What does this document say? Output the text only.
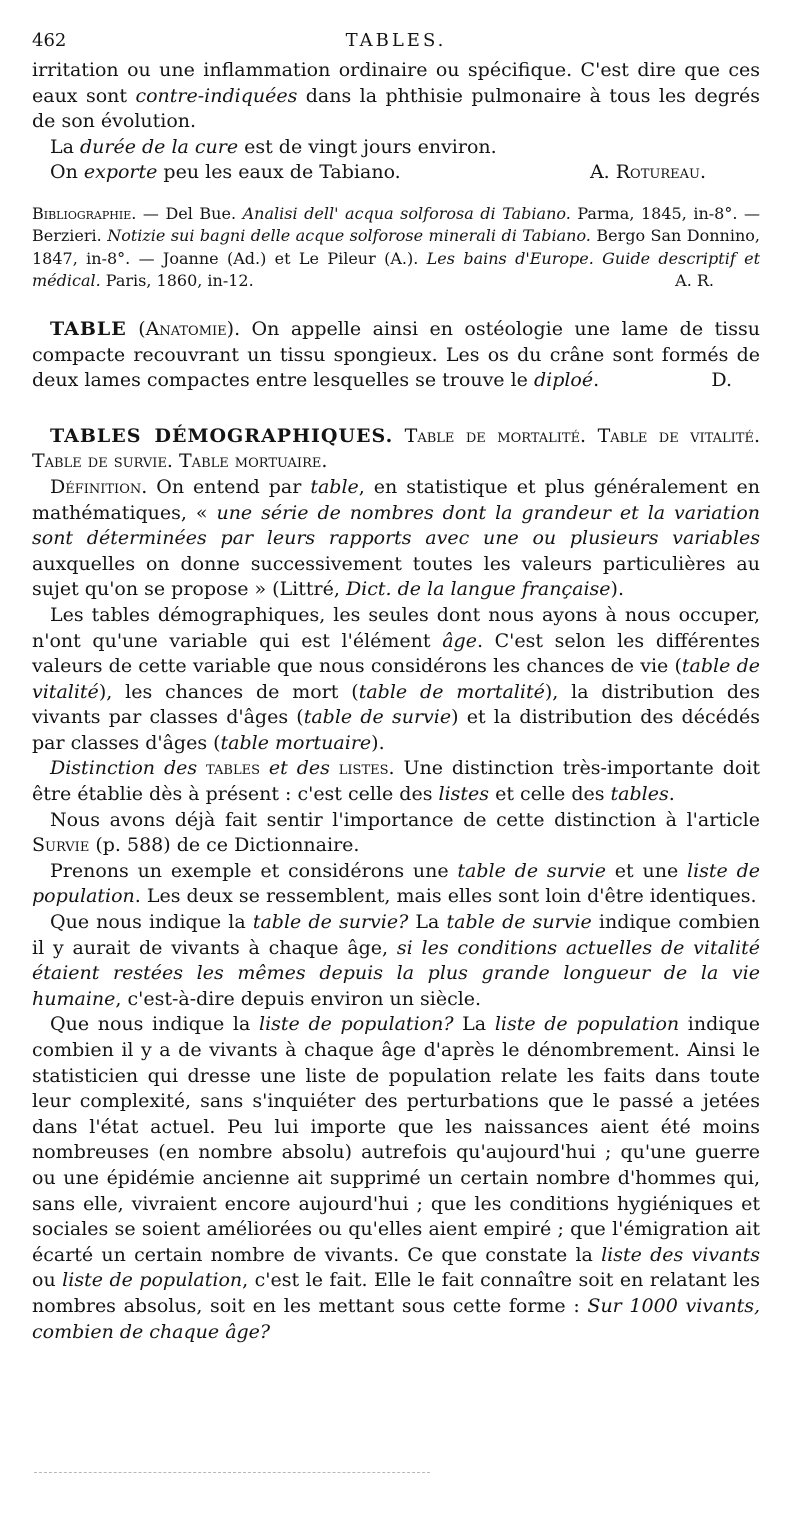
462	TABLES.

irritation ou une inflammation ordinaire ou spécifique. C'est dire que ces eaux sont contre-indiquées dans la phthisie pulmonaire à tous les degrés de son évolution.

La durée de la cure est de vingt jours environ.

On exporte peu les eaux de Tabiano.	A. Rotureau.

Bibliographie. — Del Bue. Analisi dell' acqua solforosa di Tabiano. Parma, 1845, in-8°. — Berzieri. Notizie sui bagni delle acque solforose minerali di Tabiano. Bergo San Donnino, 1847, in-8°. — Joanne (Ad.) et Le Pileur (A.). Les bains d'Europe. Guide descriptif et médical. Paris, 1860, in-12.	A. R.

TABLE (Anatomie). On appelle ainsi en ostéologie une lame de tissu compacte recouvrant un tissu spongieux. Les os du crâne sont formés de deux lames compactes entre lesquelles se trouve le diploé.	D.

TABLES DÉMOGRAPHIQUES. Table de mortalité. Table de vitalité. Table de survie. Table mortuaire.

Définition. On entend par table, en statistique et plus généralement en mathématiques, « une série de nombres dont la grandeur et la variation sont déterminées par leurs rapports avec une ou plusieurs variables auxquelles on donne successivement toutes les valeurs particulières au sujet qu'on se propose » (Littré, Dict. de la langue française).

Les tables démographiques, les seules dont nous ayons à nous occuper, n'ont qu'une variable qui est l'élément âge. C'est selon les différentes valeurs de cette variable que nous considérons les chances de vie (table de vitalité), les chances de mort (table de mortalité), la distribution des vivants par classes d'âges (table de survie) et la distribution des décédés par classes d'âges (table mortuaire).

Distinction des tables et des listes. Une distinction très-importante doit être établie dès à présent : c'est celle des listes et celle des tables.

Nous avons déjà fait sentir l'importance de cette distinction à l'article Survie (p. 588) de ce Dictionnaire.

Prenons un exemple et considérons une table de survie et une liste de population. Les deux se ressemblent, mais elles sont loin d'être identiques.

Que nous indique la table de survie? La table de survie indique combien il y aurait de vivants à chaque âge, si les conditions actuelles de vitalité étaient restées les mêmes depuis la plus grande longueur de la vie humaine, c'est-à-dire depuis environ un siècle.

Que nous indique la liste de population? La liste de population indique combien il y a de vivants à chaque âge d'après le dénombrement. Ainsi le statisticien qui dresse une liste de population relate les faits dans toute leur complexité, sans s'inquiéter des perturbations que le passé a jetées dans l'état actuel. Peu lui importe que les naissances aient été moins nombreuses (en nombre absolu) autrefois qu'aujourd'hui ; qu'une guerre ou une épidémie ancienne ait supprimé un certain nombre d'hommes qui, sans elle, vivraient encore aujourd'hui ; que les conditions hygiéniques et sociales se soient améliorées ou qu'elles aient empiré ; que l'émigration ait écarté un certain nombre de vivants. Ce que constate la liste des vivants ou liste de population, c'est le fait. Elle le fait connaître soit en relatant les nombres absolus, soit en les mettant sous cette forme : Sur 1000 vivants, combien de chaque âge?
